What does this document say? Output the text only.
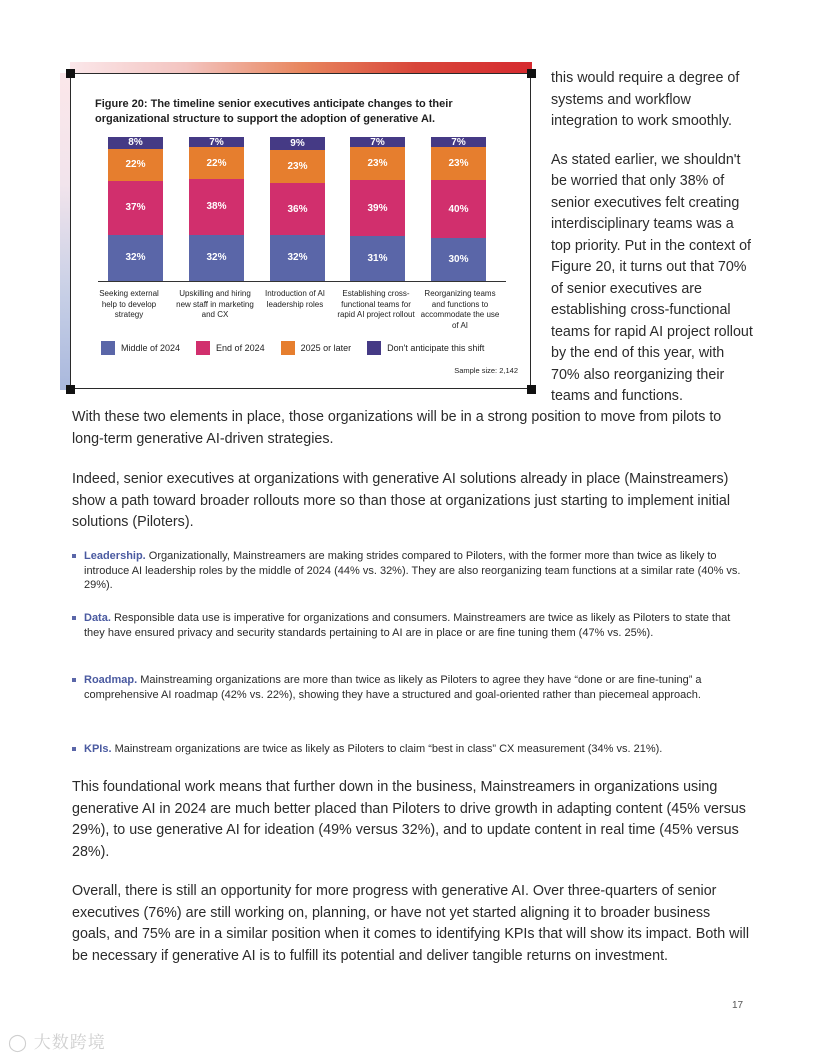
Figure 20: The timeline senior executives anticipate changes to their organizational structure to support the adoption of generative AI.
32%
37%
22%
8%
32%
38%
22%
7%
32%
36%
23%
9%
31%
39%
23%
7%
30%
40%
23%
7%
Seeking external help to develop strategy
Upskilling and hiring new staff in marketing and CX
Introduction of AI leadership roles
Establishing cross-functional teams for rapid AI project rollout
Reorganizing teams and functions to accommodate the use of AI
Middle of 2024	End of 2024	2025 or later	Don't anticipate this shift
Sample size: 2,142

this would require a degree of systems and workflow integration to work smoothly.

As stated earlier, we shouldn't be worried that only 38% of senior executives felt creating interdisciplinary teams was a top priority. Put in the context of Figure 20, it turns out that 70% of senior executives are establishing cross-functional teams for rapid AI project rollout by the end of this year, with 70% also reorganizing their teams and functions.

With these two elements in place, those organizations will be in a strong position to move from pilots to long-term generative AI-driven strategies.

Indeed, senior executives at organizations with generative AI solutions already in place (Mainstreamers) show a path toward broader rollouts more so than those at organizations just starting to implement initial solutions (Piloters).

Leadership. Organizationally, Mainstreamers are making strides compared to Piloters, with the former more than twice as likely to introduce AI leadership roles by the middle of 2024 (44% vs. 32%). They are also reorganizing team functions at a similar rate (40% vs. 29%).
Data. Responsible data use is imperative for organizations and consumers. Mainstreamers are twice as likely as Piloters to state that they have ensured privacy and security standards pertaining to AI are in place or are fine tuning them (47% vs. 25%).
Roadmap. Mainstreaming organizations are more than twice as likely as Piloters to agree they have “done or are fine-tuning” a comprehensive AI roadmap (42% vs. 22%), showing they have a structured and goal-oriented rather than piecemeal approach.
KPIs. Mainstream organizations are twice as likely as Piloters to claim “best in class” CX measurement (34% vs. 21%).

This foundational work means that further down in the business, Mainstreamers in organizations using generative AI in 2024 are much better placed than Piloters to drive growth in adapting content (45% versus 29%), to use generative AI for ideation (49% versus 32%), and to update content in real time (45% versus 28%).

Overall, there is still an opportunity for more progress with generative AI. Over three-quarters of senior executives (76%) are still working on, planning, or have not yet started aligning it to broader business goals, and 75% are in a similar position when it comes to identifying KPIs that will show its impact. Both will be necessary if generative AI is to fulfill its potential and deliver tangible returns on investment.

17
◯ 大数跨境
